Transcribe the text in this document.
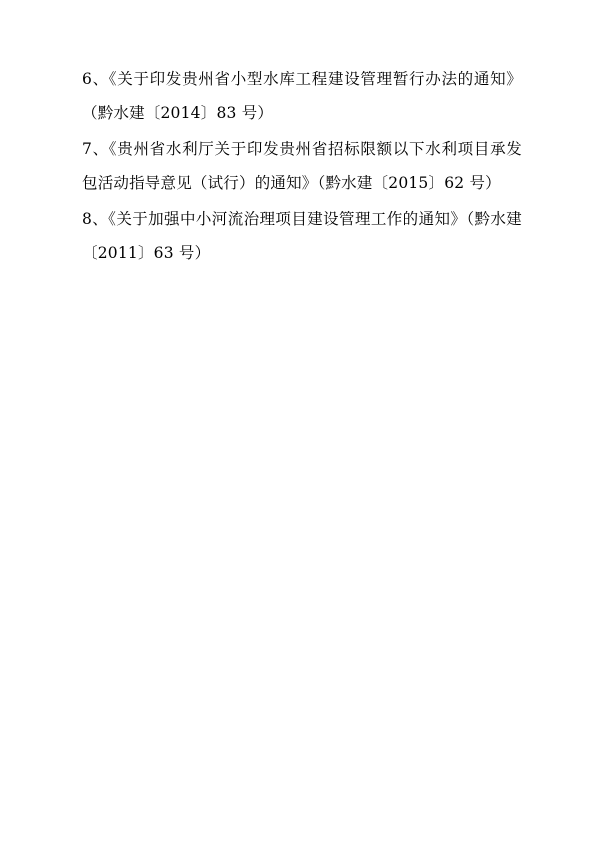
6、《关于印发贵州省小型水库工程建设管理暂行办法的通知》（黔水建〔2014〕83 号）

7、《贵州省水利厅关于印发贵州省招标限额以下水利项目承发包活动指导意见（试行）的通知》（黔水建〔2015〕62 号）

8、《关于加强中小河流治理项目建设管理工作的通知》（黔水建〔2011〕63 号）
